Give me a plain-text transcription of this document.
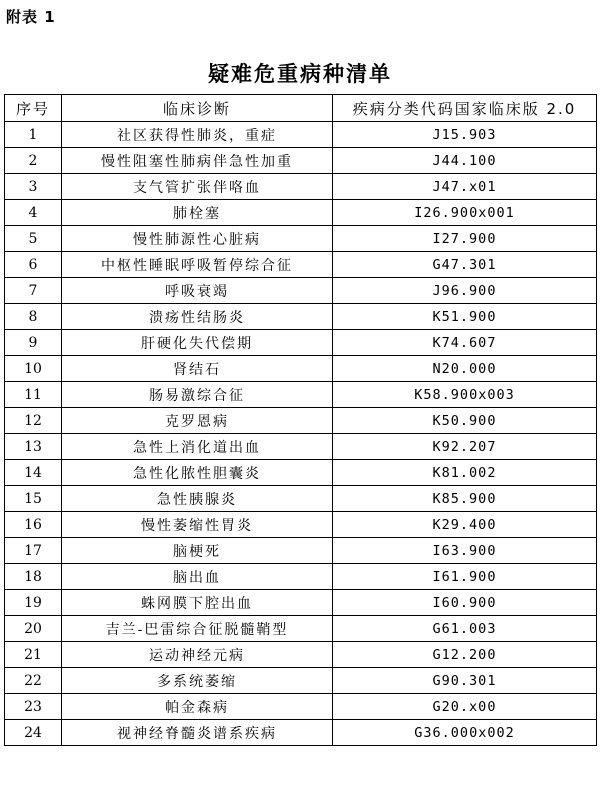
附表 1
疑难危重病种清单
序号	临床诊断	疾病分类代码国家临床版 2.0
1	社区获得性肺炎，重症	J15.903
2	慢性阻塞性肺病伴急性加重	J44.100
3	支气管扩张伴咯血	J47.x01
4	肺栓塞	I26.900x001
5	慢性肺源性心脏病	I27.900
6	中枢性睡眠呼吸暂停综合征	G47.301
7	呼吸衰竭	J96.900
8	溃疡性结肠炎	K51.900
9	肝硬化失代偿期	K74.607
10	肾结石	N20.000
11	肠易激综合征	K58.900x003
12	克罗恩病	K50.900
13	急性上消化道出血	K92.207
14	急性化脓性胆囊炎	K81.002
15	急性胰腺炎	K85.900
16	慢性萎缩性胃炎	K29.400
17	脑梗死	I63.900
18	脑出血	I61.900
19	蛛网膜下腔出血	I60.900
20	吉兰-巴雷综合征脱髓鞘型	G61.003
21	运动神经元病	G12.200
22	多系统萎缩	G90.301
23	帕金森病	G20.x00
24	视神经脊髓炎谱系疾病	G36.000x002
